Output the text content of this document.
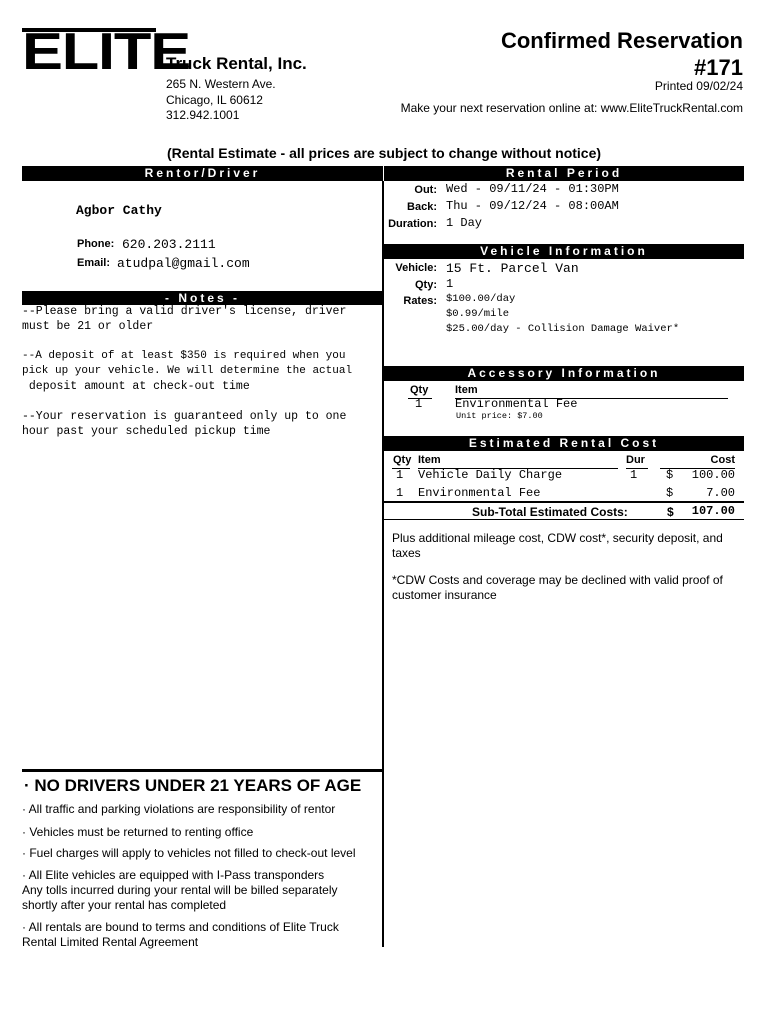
ELITE
Truck Rental, Inc.
265 N. Western Ave.
Chicago, IL 60612
312.942.1001
Confirmed Reservation
#171
Printed 09/02/24
Make your next reservation online at: www.EliteTruckRental.com
(Rental Estimate - all prices are subject to change without notice)
Rentor/Driver
Agbor Cathy
Phone: 620.203.2111
Email: atudpal@gmail.com
- Notes -
--Please bring a valid driver's license, driver
must be 21 or older
--A deposit of at least $350 is required when you
pick up your vehicle. We will determine the actual
deposit amount at check-out time
--Your reservation is guaranteed only up to one
hour past your scheduled pickup time
Rental Period
Out: Wed - 09/11/24 - 01:30PM
Back: Thu - 09/12/24 - 08:00AM
Duration: 1 Day
Vehicle Information
Vehicle: 15 Ft. Parcel Van
Qty: 1
Rates: $100.00/day
$0.99/mile
$25.00/day - Collision Damage Waiver*
Accessory Information
Qty Item
1	Environmental Fee
Unit price: $7.00
Estimated Rental Cost
Qty Item	Dur	Cost
1 Vehicle Daily Charge	1 $	100.00
1 Environmental Fee	$	7.00
Sub-Total Estimated Costs:	$	107.00
Plus additional mileage cost, CDW cost*, security deposit, and taxes
*CDW Costs and coverage may be declined with valid proof of customer insurance
· NO DRIVERS UNDER 21 YEARS OF AGE
· All traffic and parking violations are responsibility of rentor
· Vehicles must be returned to renting office
· Fuel charges will apply to vehicles not filled to check-out level
· All Elite vehicles are equipped with I-Pass transponders
Any tolls incurred during your rental will be billed separately
shortly after your rental has completed
· All rentals are bound to terms and conditions of Elite Truck
Rental Limited Rental Agreement
